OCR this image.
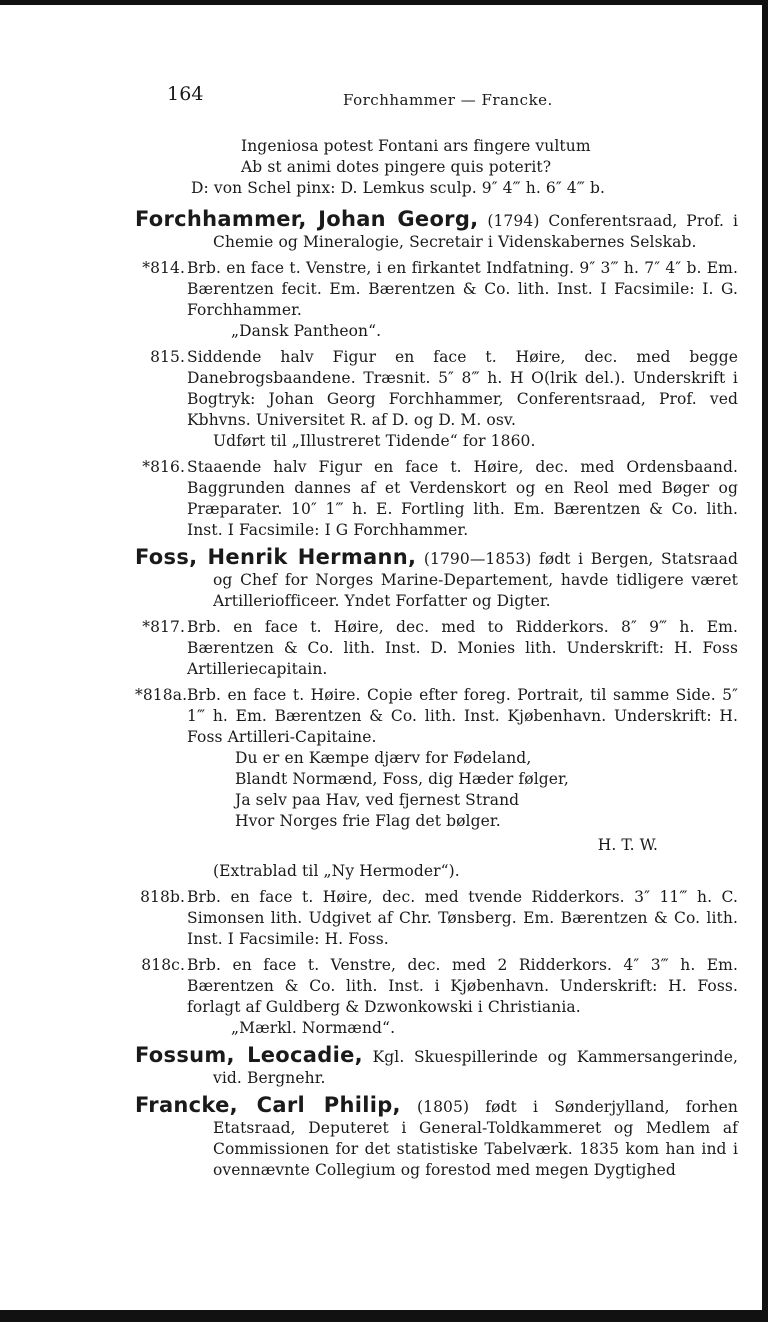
164	Forchhammer — Francke.

Ingeniosa potest Fontani ars fingere vultum

Ab st animi dotes pingere quis poterit?

D: von Schel pinx: D. Lemkus sculp. 9″ 4‴ h. 6″ 4‴ b.

Forchhammer, Johan Georg, (1794) Conferentsraad, Prof. i Chemie og Mineralogie, Secretair i Videnskabernes Selskab.

*814. Brb. en face t. Venstre, i en firkantet Indfatning. 9″ 3‴ h. 7″ 4″ b. Em. Bærentzen fecit. Em. Bærentzen & Co. lith. Inst. I Facsimile: I. G. Forchhammer.

„Dansk Pantheon“.

815. Siddende halv Figur en face t. Høire, dec. med begge Danebrogsbaandene. Træsnit. 5″ 8‴ h. H O(lrik del.). Underskrift i Bogtryk: Johan Georg Forchhammer, Conferentsraad, Prof. ved Kbhvns. Universitet R. af D. og D. M. osv.

Udført til „Illustreret Tidende“ for 1860.

*816. Staaende halv Figur en face t. Høire, dec. med Ordensbaand. Baggrunden dannes af et Verdenskort og en Reol med Bøger og Præparater. 10″ 1‴ h. E. Fortling lith. Em. Bærentzen & Co. lith. Inst. I Facsimile: I G Forchhammer.

Foss, Henrik Hermann, (1790—1853) født i Bergen, Statsraad og Chef for Norges Marine-Departement, havde tidligere været Artilleriofficeer. Yndet Forfatter og Digter.

*817. Brb. en face t. Høire, dec. med to Ridderkors. 8″ 9‴ h. Em. Bærentzen & Co. lith. Inst. D. Monies lith. Underskrift: H. Foss Artilleriecapitain.
*818a. Brb. en face t. Høire. Copie efter foreg. Portrait, til samme Side. 5″ 1‴ h. Em. Bærentzen & Co. lith. Inst. Kjøbenhavn. Underskrift: H. Foss Artilleri-Capitaine.

Du er en Kæmpe djærv for Fødeland,

Blandt Normænd, Foss, dig Hæder følger,

Ja selv paa Hav, ved fjernest Strand

Hvor Norges frie Flag det bølger.

H. T. W.

(Extrablad til „Ny Hermoder“).

818b. Brb. en face t. Høire, dec. med tvende Ridderkors. 3″ 11‴ h. C. Simonsen lith. Udgivet af Chr. Tønsberg. Em. Bærentzen & Co. lith. Inst. I Facsimile: H. Foss.
818c. Brb. en face t. Venstre, dec. med 2 Ridderkors. 4″ 3‴ h. Em. Bærentzen & Co. lith. Inst. i Kjøbenhavn. Underskrift: H. Foss. forlagt af Guldberg & Dzwonkowski i Christiania.

„Mærkl. Normænd“.

Fossum, Leocadie, Kgl. Skuespillerinde og Kammersangerinde, vid. Bergnehr.

Francke, Carl Philip, (1805) født i Sønderjylland, forhen Etatsraad, Deputeret i General-Toldkammeret og Medlem af Commissionen for det statistiske Tabelværk. 1835 kom han ind i ovennævnte Collegium og forestod med megen Dygtighed
